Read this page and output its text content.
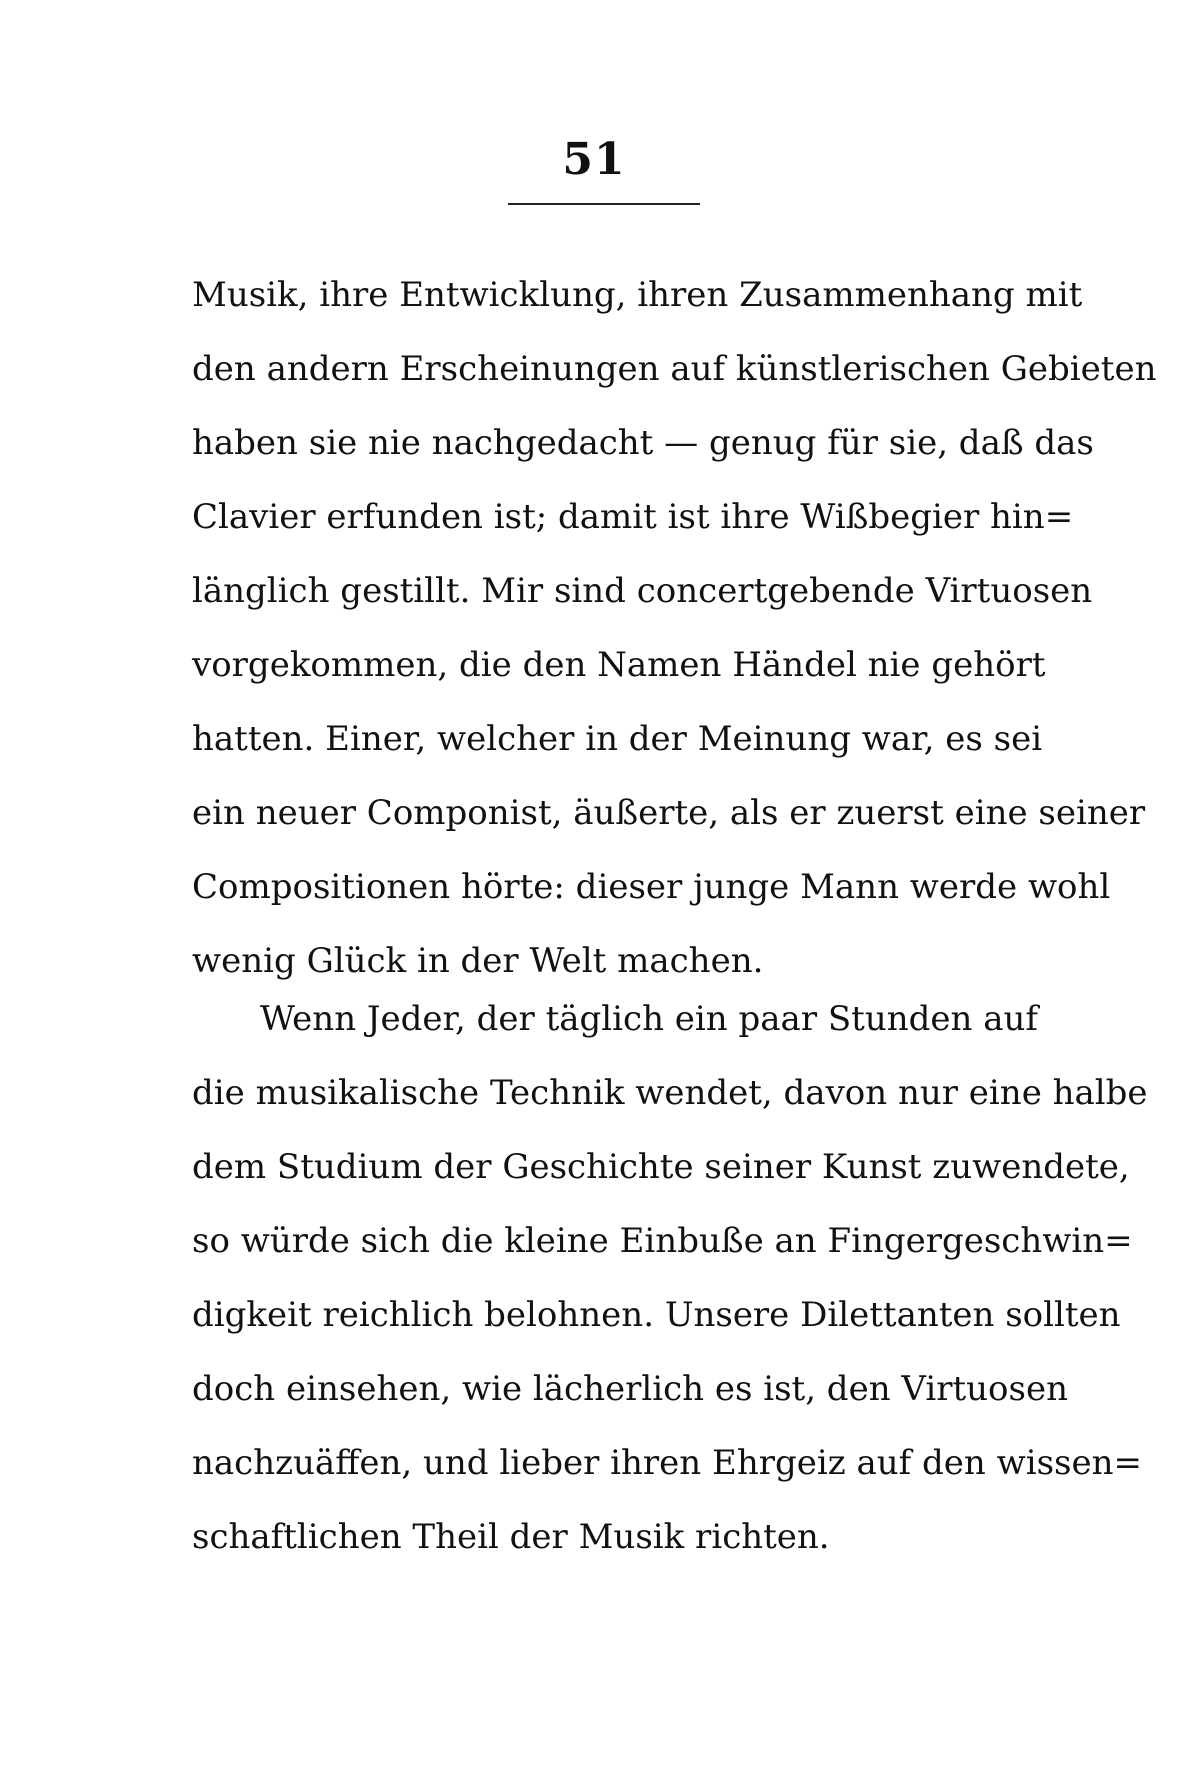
51
Musik, ihre Entwicklung, ihren Zusammenhang mit
den andern Erscheinungen auf künstlerischen Gebieten
haben sie nie nachgedacht — genug für sie, daß das
Clavier erfunden ist; damit ist ihre Wißbegier hin=
länglich gestillt. Mir sind concertgebende Virtuosen
vorgekommen, die den Namen Händel nie gehört
hatten. Einer, welcher in der Meinung war, es sei
ein neuer Componist, äußerte, als er zuerst eine seiner
Compositionen hörte: dieser junge Mann werde wohl
wenig Glück in der Welt machen.
Wenn Jeder, der täglich ein paar Stunden auf
die musikalische Technik wendet, davon nur eine halbe
dem Studium der Geschichte seiner Kunst zuwendete,
so würde sich die kleine Einbuße an Fingergeschwin=
digkeit reichlich belohnen. Unsere Dilettanten sollten
doch einsehen, wie lächerlich es ist, den Virtuosen
nachzuäffen, und lieber ihren Ehrgeiz auf den wissen=
schaftlichen Theil der Musik richten.
